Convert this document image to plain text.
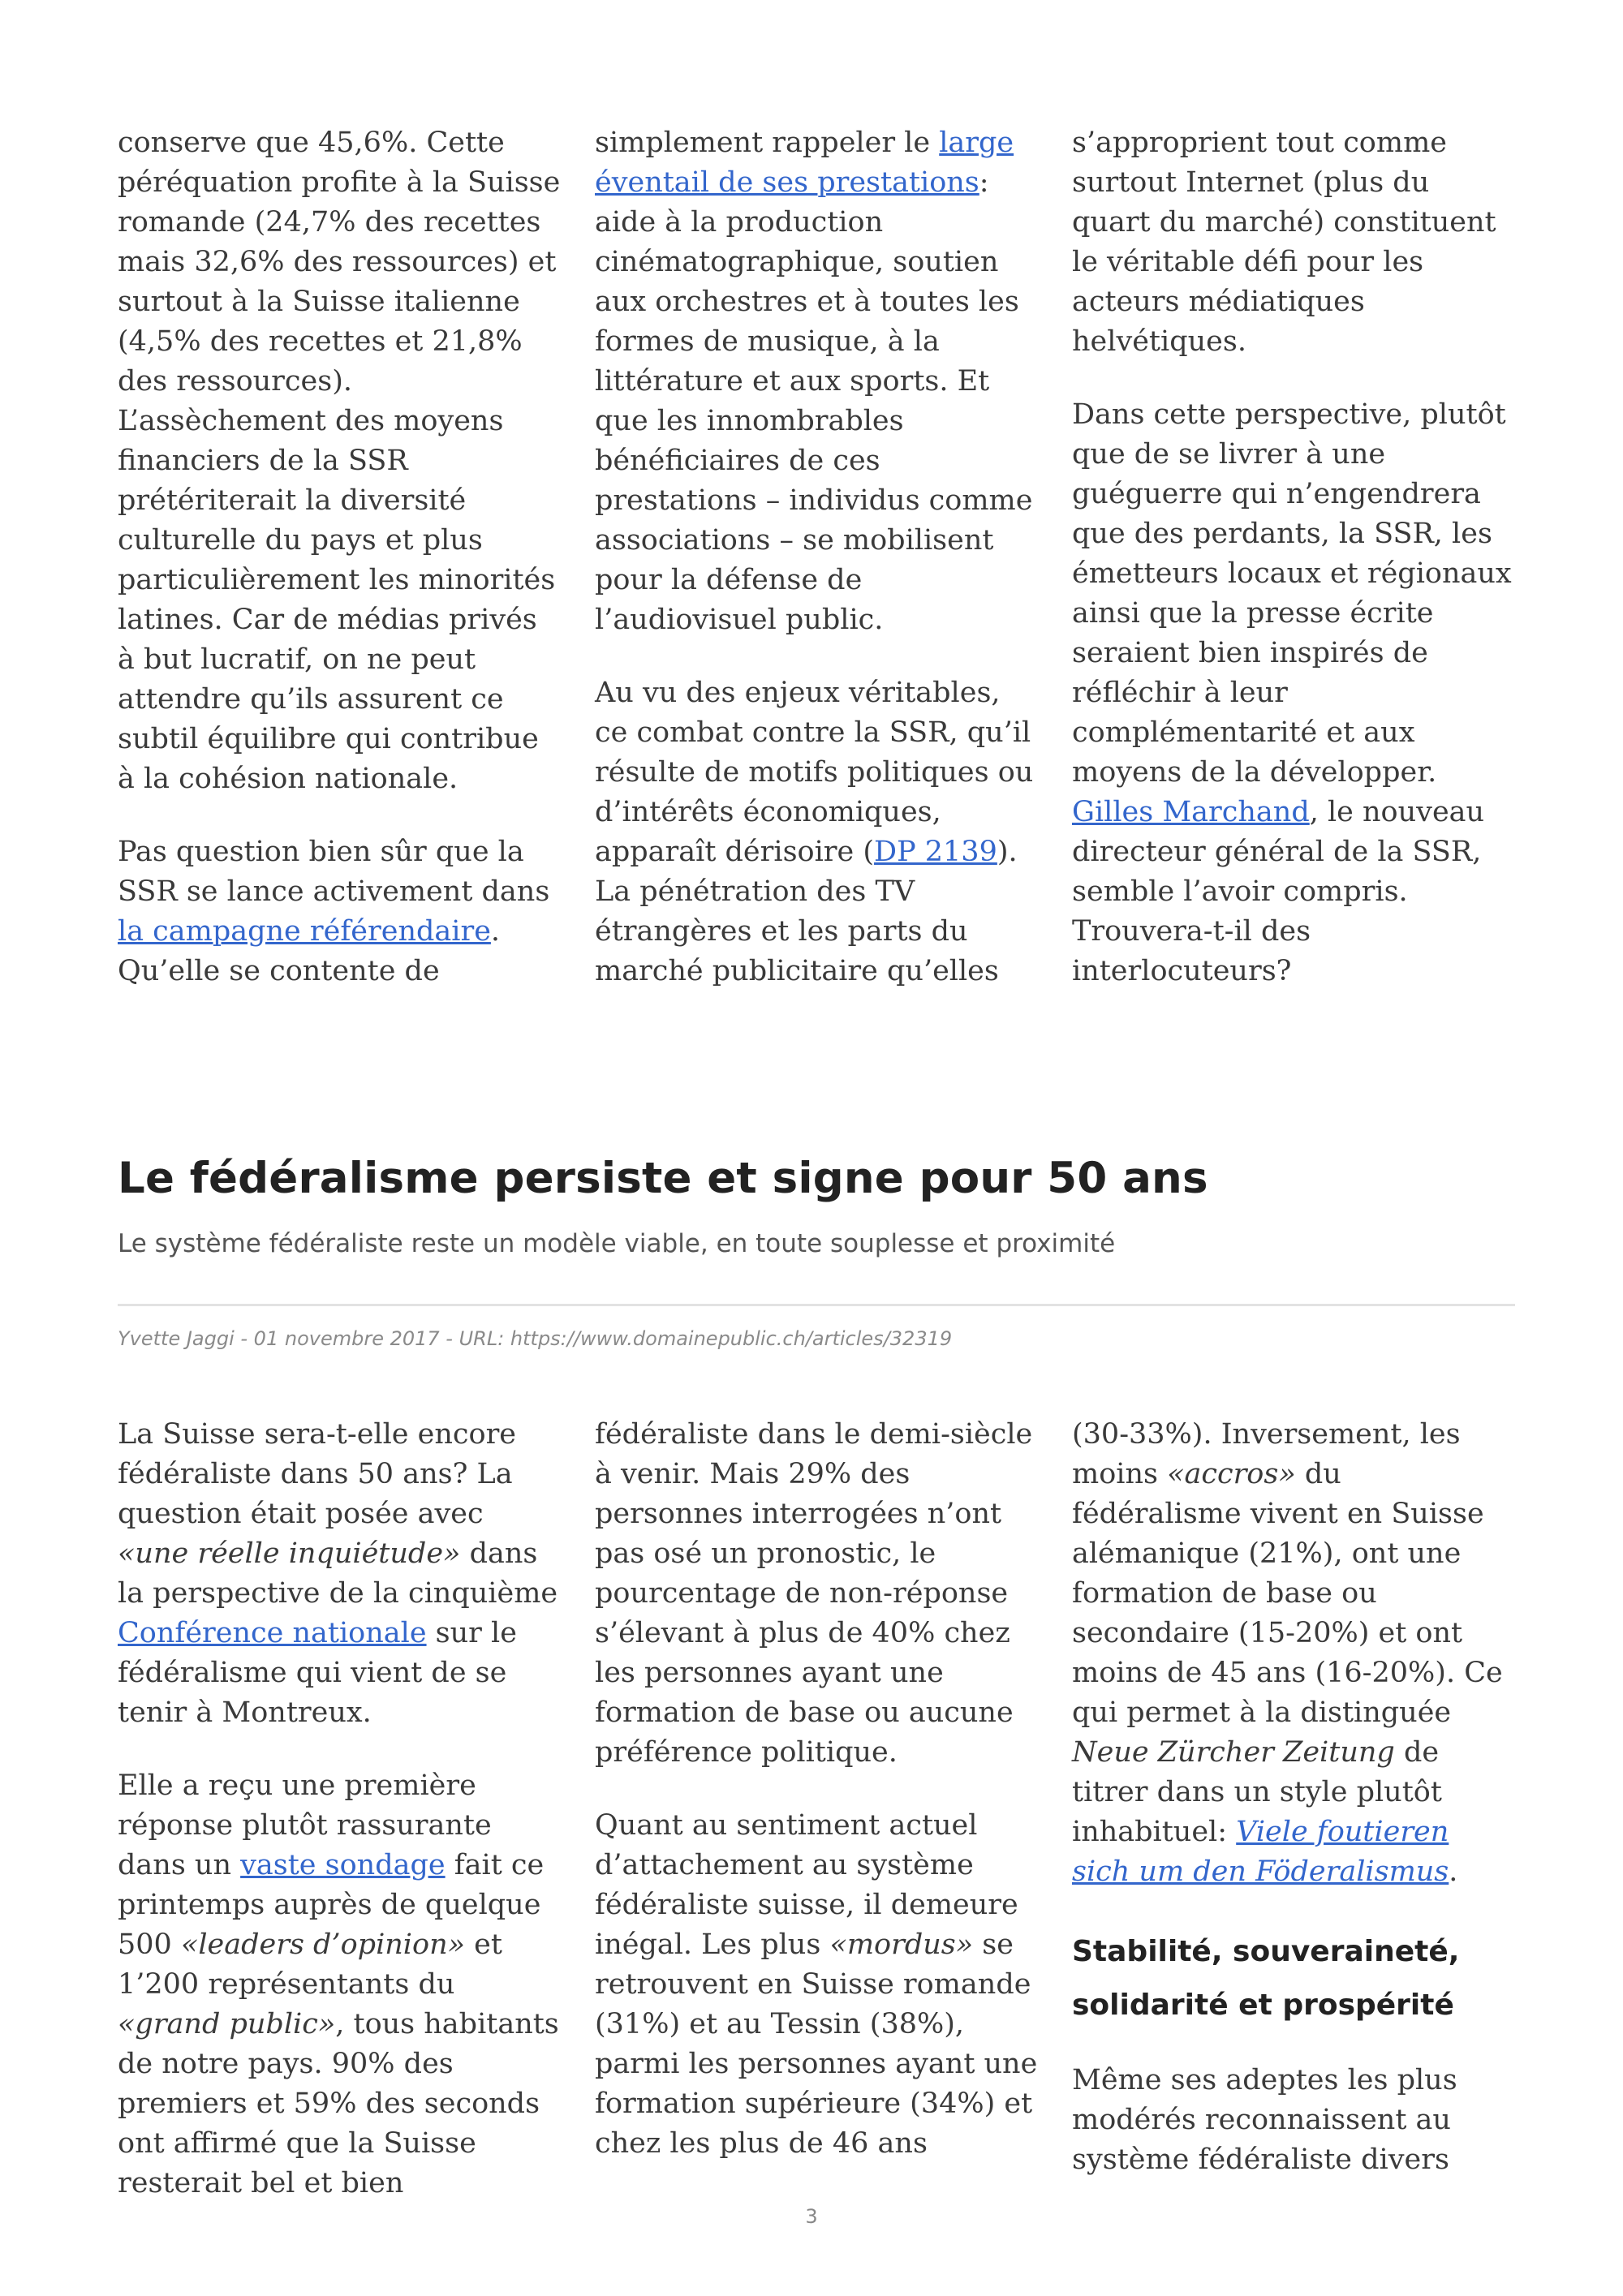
conserve que 45,6%. Cette péréquation profite à la Suisse romande (24,7% des recettes mais 32,6% des ressources) et surtout à la Suisse italienne (4,5% des recettes et 21,8% des ressources). L’assèchement des moyens financiers de la SSR prétériterait la diversité culturelle du pays et plus particulièrement les minorités latines. Car de médias privés à but lucratif, on ne peut attendre qu’ils assurent ce subtil équilibre qui contribue à la cohésion nationale.

Pas question bien sûr que la SSR se lance activement dans la campagne référendaire. Qu’elle se contente de

simplement rappeler le large éventail de ses prestations: aide à la production cinématographique, soutien aux orchestres et à toutes les formes de musique, à la littérature et aux sports. Et que les innombrables bénéficiaires de ces prestations – individus comme associations – se mobilisent pour la défense de l’audiovisuel public.

Au vu des enjeux véritables, ce combat contre la SSR, qu’il résulte de motifs politiques ou d’intérêts économiques, apparaît dérisoire (DP 2139). La pénétration des TV étrangères et les parts du marché publicitaire qu’elles

s’approprient tout comme surtout Internet (plus du quart du marché) constituent le véritable défi pour les acteurs médiatiques helvétiques.

Dans cette perspective, plutôt que de se livrer à une guéguerre qui n’engendrera que des perdants, la SSR, les émetteurs locaux et régionaux ainsi que la presse écrite seraient bien inspirés de réfléchir à leur complémentarité et aux moyens de la développer. Gilles Marchand, le nouveau directeur général de la SSR, semble l’avoir compris. Trouvera-t-il des interlocuteurs?

Le fédéralisme persiste et signe pour 50 ans

Le système fédéraliste reste un modèle viable, en toute souplesse et proximité

Yvette Jaggi - 01 novembre 2017 - URL: https://www.domainepublic.ch/articles/32319

La Suisse sera-t-elle encore fédéraliste dans 50 ans? La question était posée avec «une réelle inquiétude» dans la perspective de la cinquième Conférence nationale sur le fédéralisme qui vient de se tenir à Montreux.

Elle a reçu une première réponse plutôt rassurante dans un vaste sondage fait ce printemps auprès de quelque 500 «leaders d’opinion» et 1’200 représentants du «grand public», tous habitants de notre pays. 90% des premiers et 59% des seconds ont affirmé que la Suisse resterait bel et bien

fédéraliste dans le demi-siècle à venir. Mais 29% des personnes interrogées n’ont pas osé un pronostic, le pourcentage de non-réponse s’élevant à plus de 40% chez les personnes ayant une formation de base ou aucune préférence politique.

Quant au sentiment actuel d’attachement au système fédéraliste suisse, il demeure inégal. Les plus «mordus» se retrouvent en Suisse romande (31%) et au Tessin (38%), parmi les personnes ayant une formation supérieure (34%) et chez les plus de 46 ans

(30-33%). Inversement, les moins «accros» du fédéralisme vivent en Suisse alémanique (21%), ont une formation de base ou secondaire (15-20%) et ont moins de 45 ans (16-20%). Ce qui permet à la distinguée Neue Zürcher Zeitung de titrer dans un style plutôt inhabituel: Viele foutieren sich um den Föderalismus.

Stabilité, souveraineté, solidarité et prospérité

Même ses adeptes les plus modérés reconnaissent au système fédéraliste divers

3
